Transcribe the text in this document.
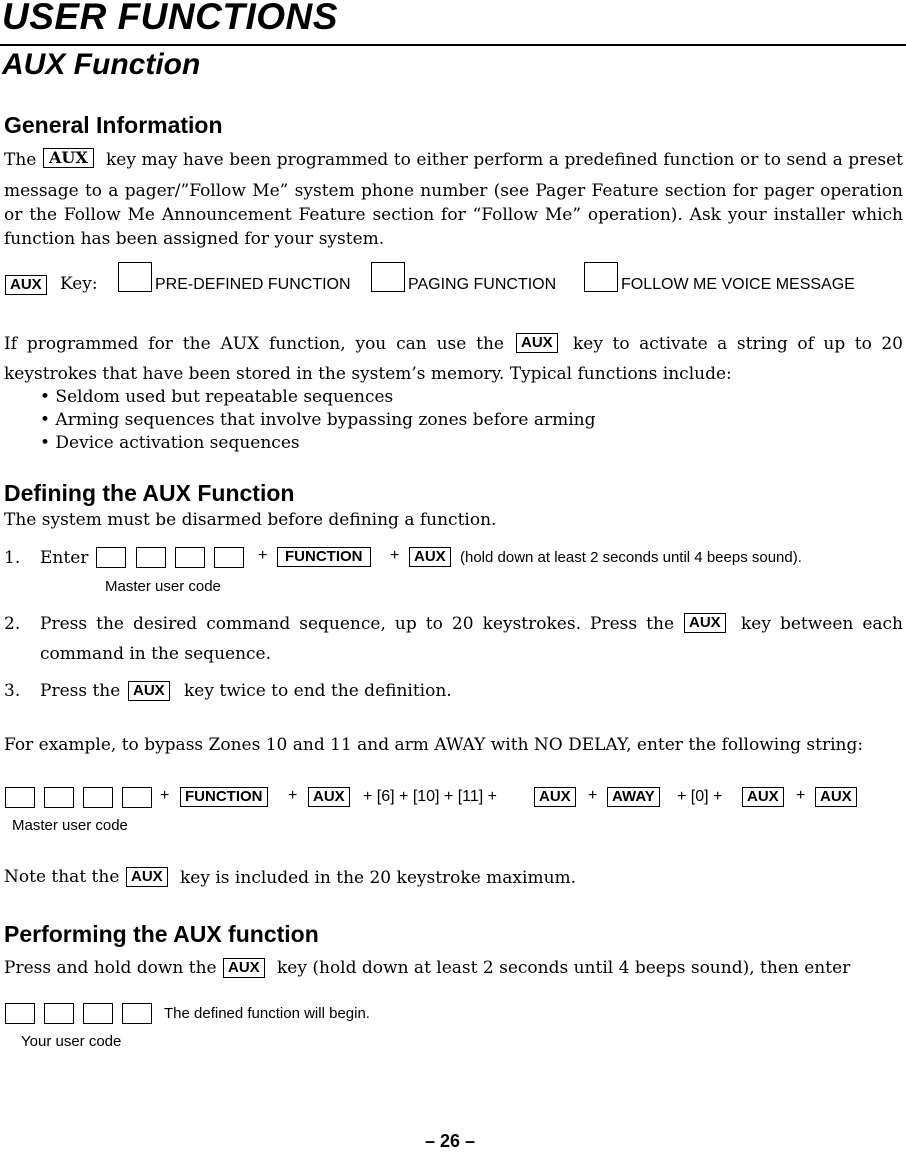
USER FUNCTIONS
AUX Function
General Information
The AUX	key may have been programmed to either perform a predefined function or to send a preset
message to a pager/”Follow Me” system phone number (see Pager Feature section for pager operation
or the Follow Me Announcement Feature section for “Follow Me” operation). Ask your installer which
function has been assigned for your system.
AUX Key:	PRE-DEFINED FUNCTION	PAGING FUNCTION	FOLLOW ME VOICE MESSAGE
If programmed for the AUX function, you can use the	AUX key to activate a string of up to 20
keystrokes that have been stored in the system’s memory. Typical functions include:
• Seldom used but repeatable sequences
• Arming sequences that involve bypassing zones before arming
• Device activation sequences
Defining the AUX Function
The system must be disarmed before defining a function.
1. Enter	+	FUNCTION	+ AUX (hold down at least 2 seconds until 4 beeps sound).
Master user code
2. Press the desired command sequence, up to 20 keystrokes. Press the	AUX key between each
command in the sequence.
3. Press the AUX key twice to end the definition.
For example, to bypass Zones 10 and 11 and arm AWAY with NO DELAY, enter the following string:
+	FUNCTION	+	AUX	+ [6] + [10] + [11] +	AUX	+ AWAY	+ [0] +	AUX	+ AUX
Master user code
Note that the AUX key is included in the 20 keystroke maximum.
Performing the AUX function
Press and hold down the AUX key (hold down at least 2 seconds until 4 beeps sound), then enter
The defined function will begin.
Your user code
– 26 –
